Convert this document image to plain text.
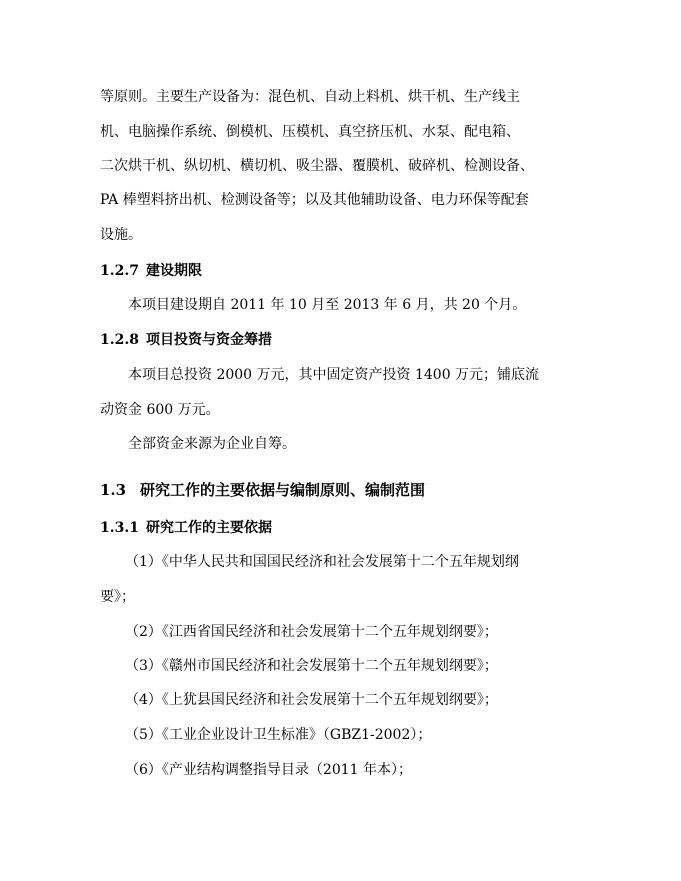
等原则。主要生产设备为：混色机、自动上料机、烘干机、生产线主
机、电脑操作系统、倒模机、压模机、真空挤压机、水泵、配电箱、
二次烘干机、纵切机、横切机、吸尘器、覆膜机、破碎机、检测设备、
PA 棒塑料挤出机、检测设备等；以及其他辅助设备、电力环保等配套
设施。
1.2.7 建设期限
本项目建设期自 2011 年 10 月至 2013 年 6 月，共 20 个月。
1.2.8 项目投资与资金筹措
本项目总投资 2000 万元，其中固定资产投资 1400 万元；铺底流
动资金 600 万元。
全部资金来源为企业自筹。
1.3 研究工作的主要依据与编制原则、编制范围
1.3.1 研究工作的主要依据
（1）《中华人民共和国国民经济和社会发展第十二个五年规划纲
要》；
（2）《江西省国民经济和社会发展第十二个五年规划纲要》；
（3）《赣州市国民经济和社会发展第十二个五年规划纲要》；
（4）《上犹县国民经济和社会发展第十二个五年规划纲要》；
（5）《工业企业设计卫生标准》（GBZ1-2002）；
（6）《产业结构调整指导目录（2011 年本）；
